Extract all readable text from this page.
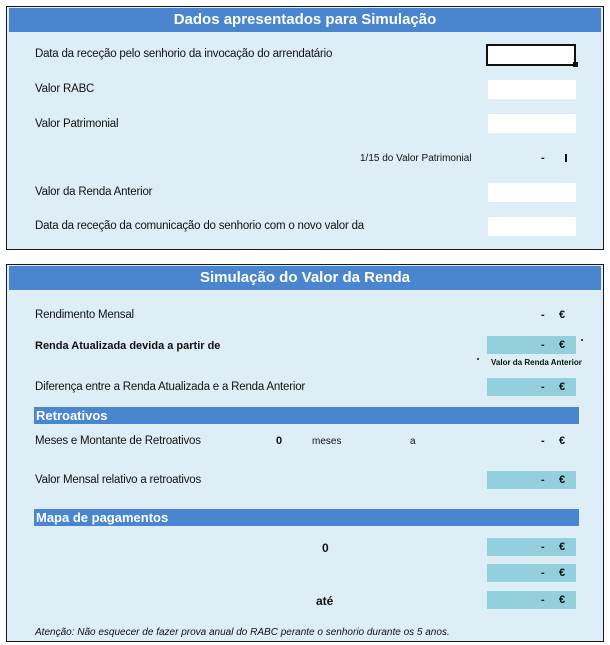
Dados apresentados para Simulação
Data da receção pelo senhorio da invocação do arrendatário
Valor RABC
Valor Patrimonial
1/15 do Valor Patrimonial	-
Valor da Renda Anterior
Data da receção da comunicação do senhorio com o novo valor da
Simulação do Valor da Renda
Rendimento Mensal	- €
Renda Atualizada devida a partir de	- €
Valor da Renda Anterior
Diferença entre a Renda Atualizada e a Renda Anterior	- €
Retroativos
Meses e Montante de Retroativos	0	meses	a	- €
Valor Mensal relativo a retroativos	- €
Mapa de pagamentos
0	- €
- €
até	- €
Atenção: Não esquecer de fazer prova anual do RABC perante o senhorio durante os 5 anos.
